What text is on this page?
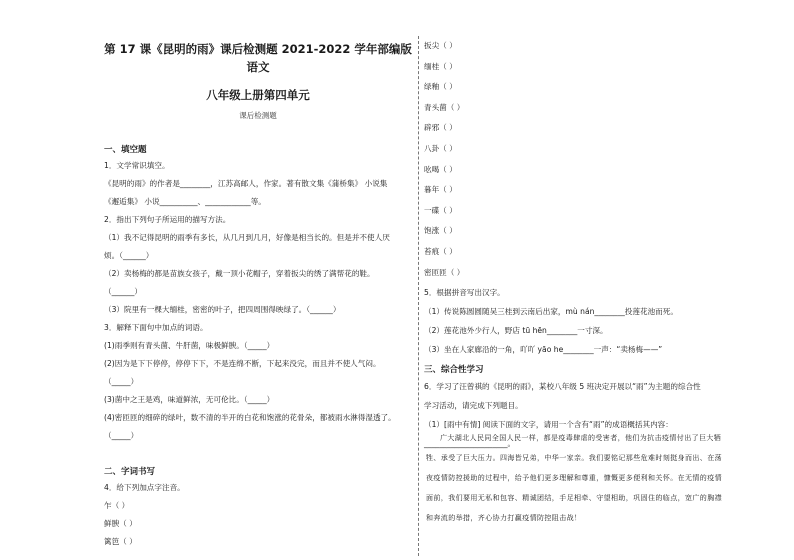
第 17 课《昆明的雨》课后检测题 2021-2022 学年部编版语文
八年级上册第四单元
课后检测题
一、填空题
1．文学常识填空。
《昆明的雨》的作者是________，江苏高邮人，作家。著有散文集《蒲桥集》 小说集
《邂逅集》 小说__________、____________等。
2．指出下列句子所运用的描写方法。
（1）我不记得昆明的雨季有多长，从几月到几月，好像是相当长的。但是并不使人厌
烦。（______）
（2）卖杨梅的都是苗族女孩子，戴一顶小花帽子，穿着扳尖的绣了满帮花的鞋。
（______）
（3）院里有一棵大缅桂，密密的叶子，把四周围得映绿了。（______）
3．解释下面句中加点的词语。
(1)雨季则有青头菌、牛肝菌，味极鲜腴。（_____）
(2)因为是下下停停，停停下下，不是连绵不断，下起来没完，而且并不使人气闷。
（_____）
(3)菌中之王是鸡，味道鲜浓，无可伦比。（_____）
(4)密匝匝的细碎的绿叶，数不清的半开的白花和饱涨的花骨朵，都被雨水淋得湿透了。
（_____）
二、字词书写
4．给下列加点字注音。
乍（ ）
鲜腴（ ）
篱笆（ ）
扳尖（ ）
缅桂（ ）
绿釉（ ）
青头菌（ ）
辟邪（ ）
八卦（ ）
吆喝（ ）
暮年（ ）
一碟（ ）
饱涨（ ）
苔痕（ ）
密匝匝（ ）
5．根据拼音写出汉字。
（1）传说陈圆圆随吴三桂到云南后出家，mù nán________投莲花池而死。
（2）莲花池外少行人，野店 tū hēn________一寸深。
（3）坐在人家廊沿的一角，吖吖 yāo he________一声：“卖杨梅——”
三、综合性学习
6．学习了汪曾祺的《昆明的雨》，某校八年级 5 班决定开展以“雨”为主题的综合性
学习活动，请完成下列题目。
（1）[雨中有情] 阅读下面的文字，请用一个含有“雨”的成语概括其内容：
______________________。
广大湖北人民同全国人民一样，都是疫毒肆虐的受害者，他们为抗击疫情付出了巨大牺牲、承受了巨大压力。四海皆兄弟，中华一家亲。我们要铭记那些危难时刻挺身而出、在荡夜疫情防控援助的过程中，给予他们更多理解和尊重，慷慨更多便利和关怀。在无情的疫情面前，我们要用无私和包容、精诚团结，手足相牵、守望相助，巩固住的临点，宽广的胸襟和奔流的举措，齐心协力打赢疫情防控阻击战！
